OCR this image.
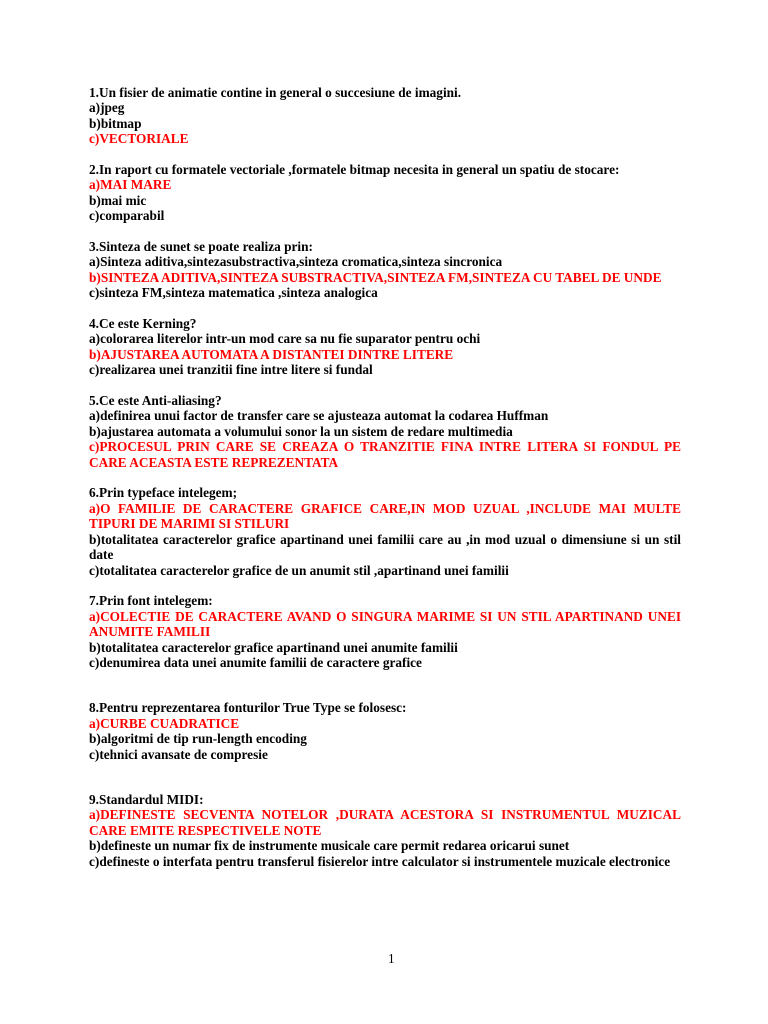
1.Un fisier de animatie contine in general o succesiune de imagini.
a)jpeg
b)bitmap
c)VECTORIALE
2.In raport cu formatele vectoriale ,formatele bitmap necesita in general un spatiu de stocare:
a)MAI MARE
b)mai mic
c)comparabil
3.Sinteza de sunet se poate realiza prin:
a)Sinteza aditiva,sintezasubstractiva,sinteza cromatica,sinteza sincronica
b)SINTEZA ADITIVA,SINTEZA SUBSTRACTIVA,SINTEZA FM,SINTEZA CU TABEL DE UNDE
c)sinteza FM,sinteza matematica ,sinteza analogica
4.Ce este Kerning?
a)colorarea literelor intr-un mod care sa nu fie suparator pentru ochi
b)AJUSTAREA AUTOMATA A DISTANTEI DINTRE LITERE
c)realizarea unei tranzitii fine intre litere si fundal
5.Ce este Anti-aliasing?
a)definirea unui factor de transfer care se ajusteaza automat la codarea Huffman
b)ajustarea automata a volumului sonor la un sistem de redare multimedia
c)PROCESUL PRIN CARE SE CREAZA O TRANZITIE FINA INTRE LITERA SI FONDUL PE CARE ACEASTA ESTE REPREZENTATA
6.Prin typeface intelegem;
a)O FAMILIE DE CARACTERE GRAFICE CARE,IN MOD UZUAL ,INCLUDE MAI MULTE TIPURI DE MARIMI SI STILURI
b)totalitatea caracterelor grafice apartinand unei familii care au ,in mod uzual o dimensiune si un stil date
c)totalitatea caracterelor grafice de un anumit stil ,apartinand unei familii
7.Prin font intelegem:
a)COLECTIE DE CARACTERE AVAND O SINGURA MARIME SI UN STIL APARTINAND UNEI ANUMITE FAMILII
b)totalitatea caracterelor grafice apartinand unei anumite familii
c)denumirea data unei anumite familii de caractere grafice
8.Pentru reprezentarea fonturilor True Type se folosesc:
a)CURBE CUADRATICE
b)algoritmi de tip run-length encoding
c)tehnici avansate de compresie
9.Standardul MIDI:
a)DEFINESTE SECVENTA NOTELOR ,DURATA ACESTORA SI INSTRUMENTUL MUZICAL CARE EMITE RESPECTIVELE NOTE
b)defineste un numar fix de instrumente musicale care permit redarea oricarui sunet
c)defineste o interfata pentru transferul fisierelor intre calculator si instrumentele muzicale electronice
1
